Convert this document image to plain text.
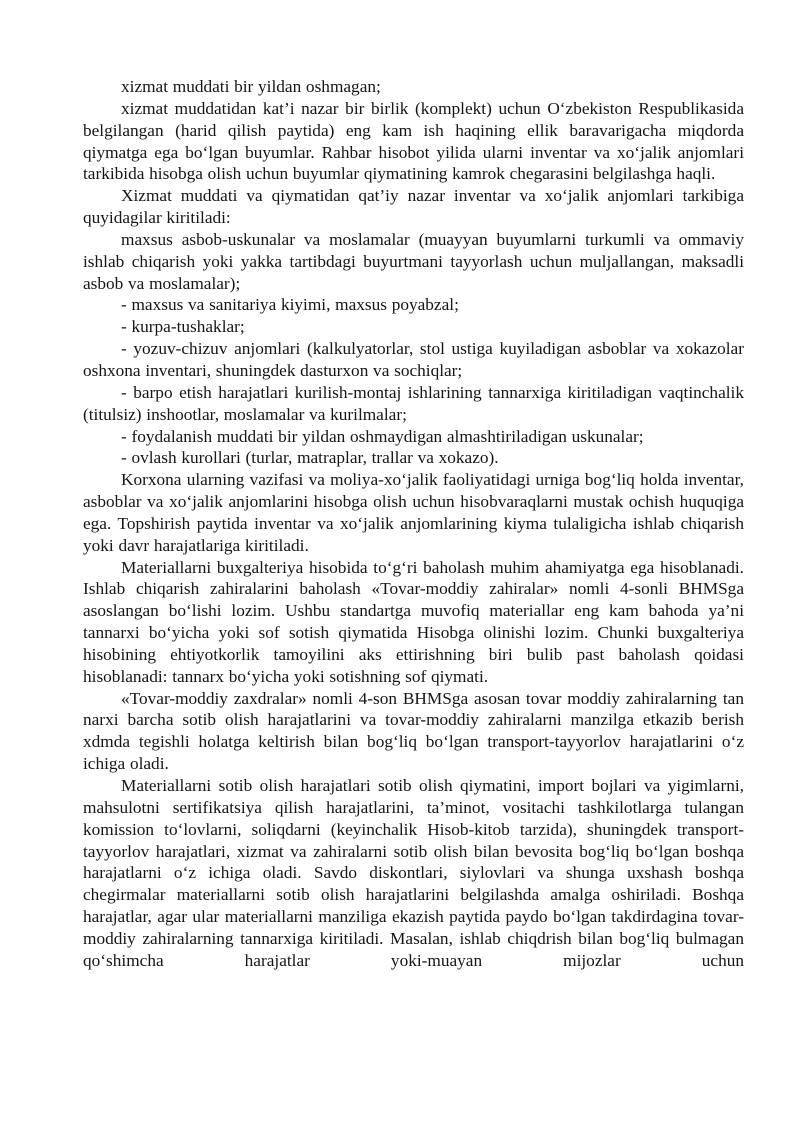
xizmat muddati bir yildan oshmagan;

xizmat muddatidan kat’i nazar bir birlik (komplekt) uchun Oʻzbekiston Respublikasida belgilangan (harid qilish paytida) eng kam ish haqining ellik baravarigacha miqdorda qiymatga ega boʻlgan buyumlar. Rahbar hisobot yilida ularni inventar va xoʻjalik anjomlari tarkibida hisobga olish uchun buyumlar qiymatining kamrok chegarasini belgilashga haqli.

Xizmat muddati va qiymatidan qat’iy nazar inventar va xoʻjalik anjomlari tarkibiga quyidagilar kiritiladi:

maxsus asbob-uskunalar va moslamalar (muayyan buyumlarni turkumli va ommaviy ishlab chiqarish yoki yakka tartibdagi buyurtmani tayyorlash uchun muljallangan, maksadli asbob va moslamalar);

- maxsus va sanitariya kiyimi, maxsus poyabzal;

- kurpa-tushaklar;

- yozuv-chizuv anjomlari (kalkulyatorlar, stol ustiga kuyiladigan asboblar va xokazolar oshxona inventari, shuningdek dasturxon va sochiqlar;

- barpo etish harajatlari kurilish-montaj ishlarining tannarxiga kiritiladigan vaqtinchalik (titulsiz) inshootlar, moslamalar va kurilmalar;

- foydalanish muddati bir yildan oshmaydigan almashtiriladigan uskunalar;

- ovlash kurollari (turlar, matraplar, trallar va xokazo).

Korxona ularning vazifasi va moliya-xoʻjalik faoliyatidagi urniga bogʻliq holda inventar, asboblar va xoʻjalik anjomlarini hisobga olish uchun hisobvaraqlarni mustak ochish huquqiga ega. Topshirish paytida inventar va xoʻjalik anjomlarining kiyma tulaligicha ishlab chiqarish yoki davr harajatlariga kiritiladi.

Materiallarni buxgalteriya hisobida toʻgʻri baholash muhim ahamiyatga ega hisoblanadi. Ishlab chiqarish zahiralarini baholash «Tovar-moddiy zahiralar» nomli 4-sonli BHMSga asoslangan boʻlishi lozim. Ushbu standartga muvofiq materiallar eng kam bahoda ya’ni tannarxi boʻyicha yoki sof sotish qiymatida Hisobga olinishi lozim. Chunki buxgalteriya hisobining ehtiyotkorlik tamoyilini aks ettirishning biri bulib past baholash qoidasi hisoblanadi: tannarx boʻyicha yoki sotishning sof qiymati.

«Tovar-moddiy zaxdralar» nomli 4-son BHMSga asosan tovar moddiy zahiralarning tan narxi barcha sotib olish harajatlarini va tovar-moddiy zahiralarni manzilga etkazib berish xdmda tegishli holatga keltirish bilan bogʻliq boʻlgan transport-tayyorlov harajatlarini oʻz ichiga oladi.

Materiallarni sotib olish harajatlari sotib olish qiymatini, import bojlari va yigimlarni, mahsulotni sertifikatsiya qilish harajatlarini, ta’minot, vositachi tashkilotlarga tulangan komission toʻlovlarni, soliqdarni (keyinchalik Hisob-kitob tarzida), shuningdek transport-tayyorlov harajatlari, xizmat va zahiralarni sotib olish bilan bevosita bogʻliq boʻlgan boshqa harajatlarni oʻz ichiga oladi. Savdo diskontlari, siylovlari va shunga uxshash boshqa chegirmalar materiallarni sotib olish harajatlarini belgilashda amalga oshiriladi. Boshqa harajatlar, agar ular materiallarni manziliga ekazish paytida paydo boʻlgan takdirdagina tovar-moddiy zahiralarning tannarxiga kiritiladi. Masalan, ishlab chiqdrish bilan bogʻliq bulmagan qoʻshimcha harajatlar yoki-muayan mijozlar uchun
